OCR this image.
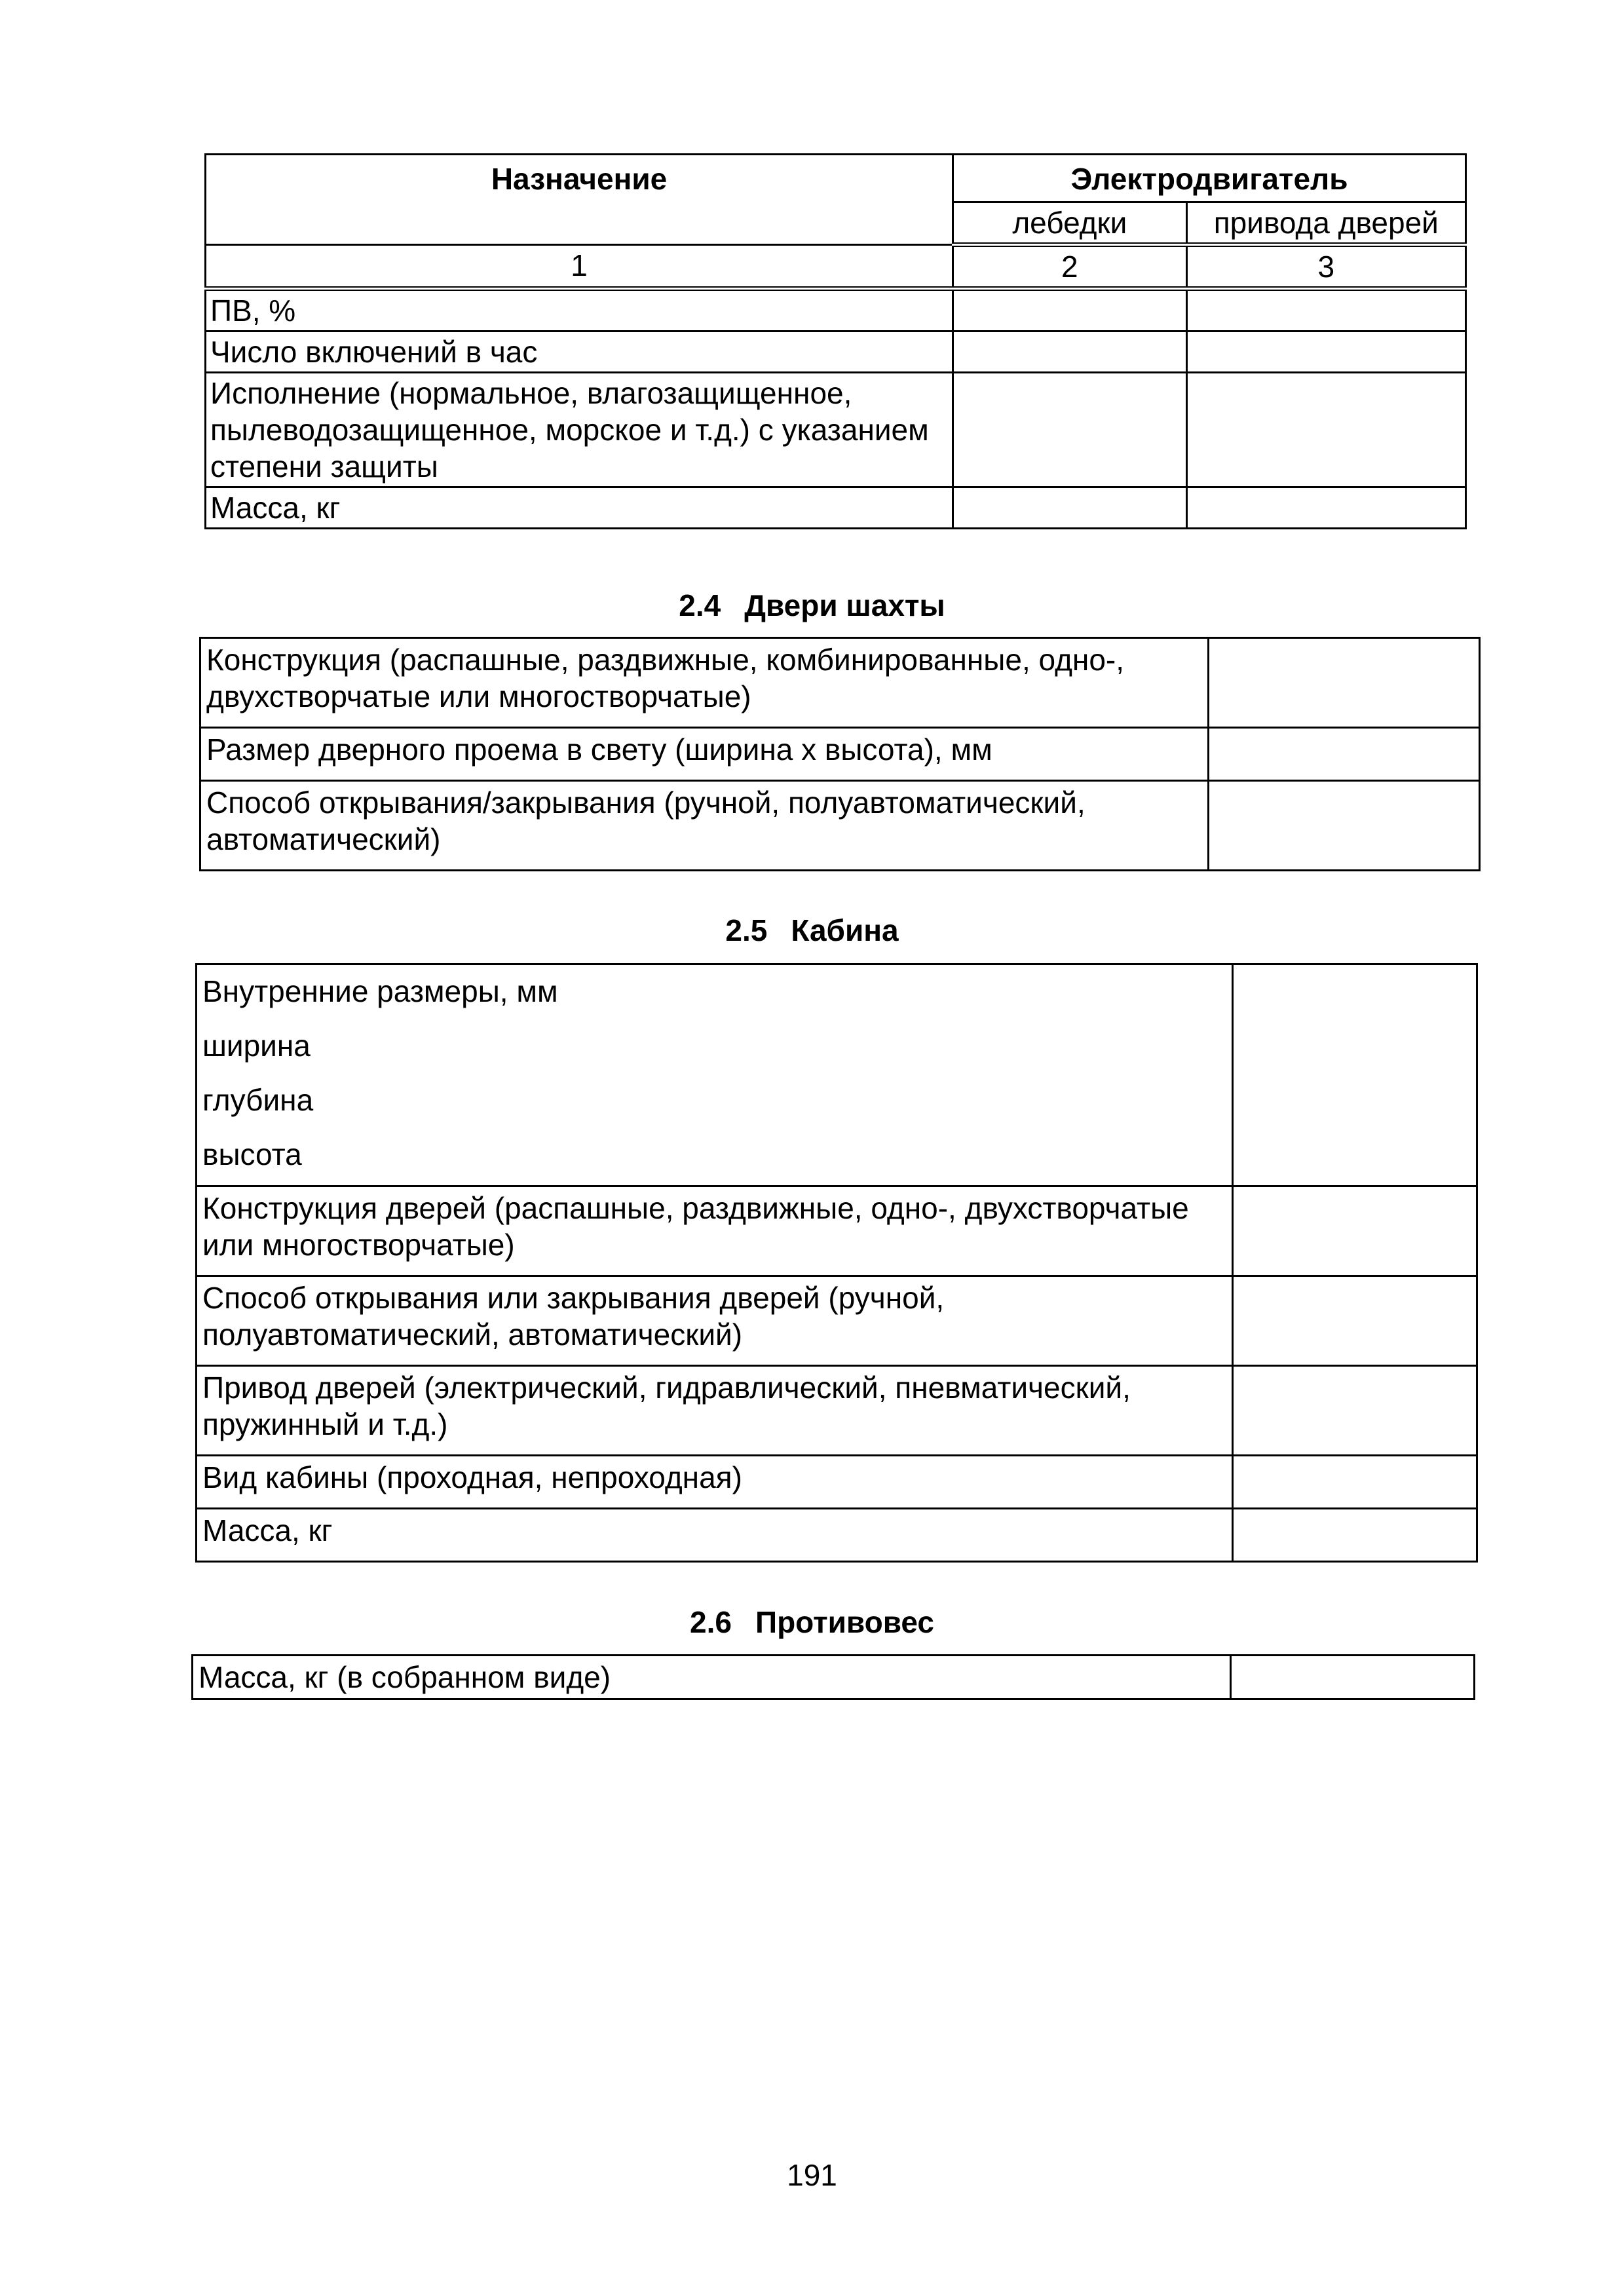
Назначение	Электродвигатель	
	лебедки	привода дверей
1	2	3
ПВ, %		
Число включений в час		
Исполнение (нормальное, влагозащищенное, пылеводозащищенное, морское и т.д.) с указанием степени защиты		
Масса, кг		
2.4 Двери шахты
Конструкция (распашные, раздвижные, комбинированные, одно-, двухстворчатые или многостворчатые)	
Размер дверного проема в свету (ширина х высота), мм	
Способ открывания/закрывания (ручной, полуавтоматический, автоматический)	
2.5 Кабина
Внутренние размеры, мм
ширина
глубина
высота	

Конструкция дверей (распашные, раздвижные, одно-, двухстворчатые или многостворчатые)	
Способ открывания или закрывания дверей (ручной, полуавтоматический, автоматический)	
Привод дверей (электрический, гидравлический, пневматический, пружинный и т.д.)	
Вид кабины (проходная, непроходная)	
Масса, кг	
2.6 Противовес
Масса, кг (в собранном виде)	
191
